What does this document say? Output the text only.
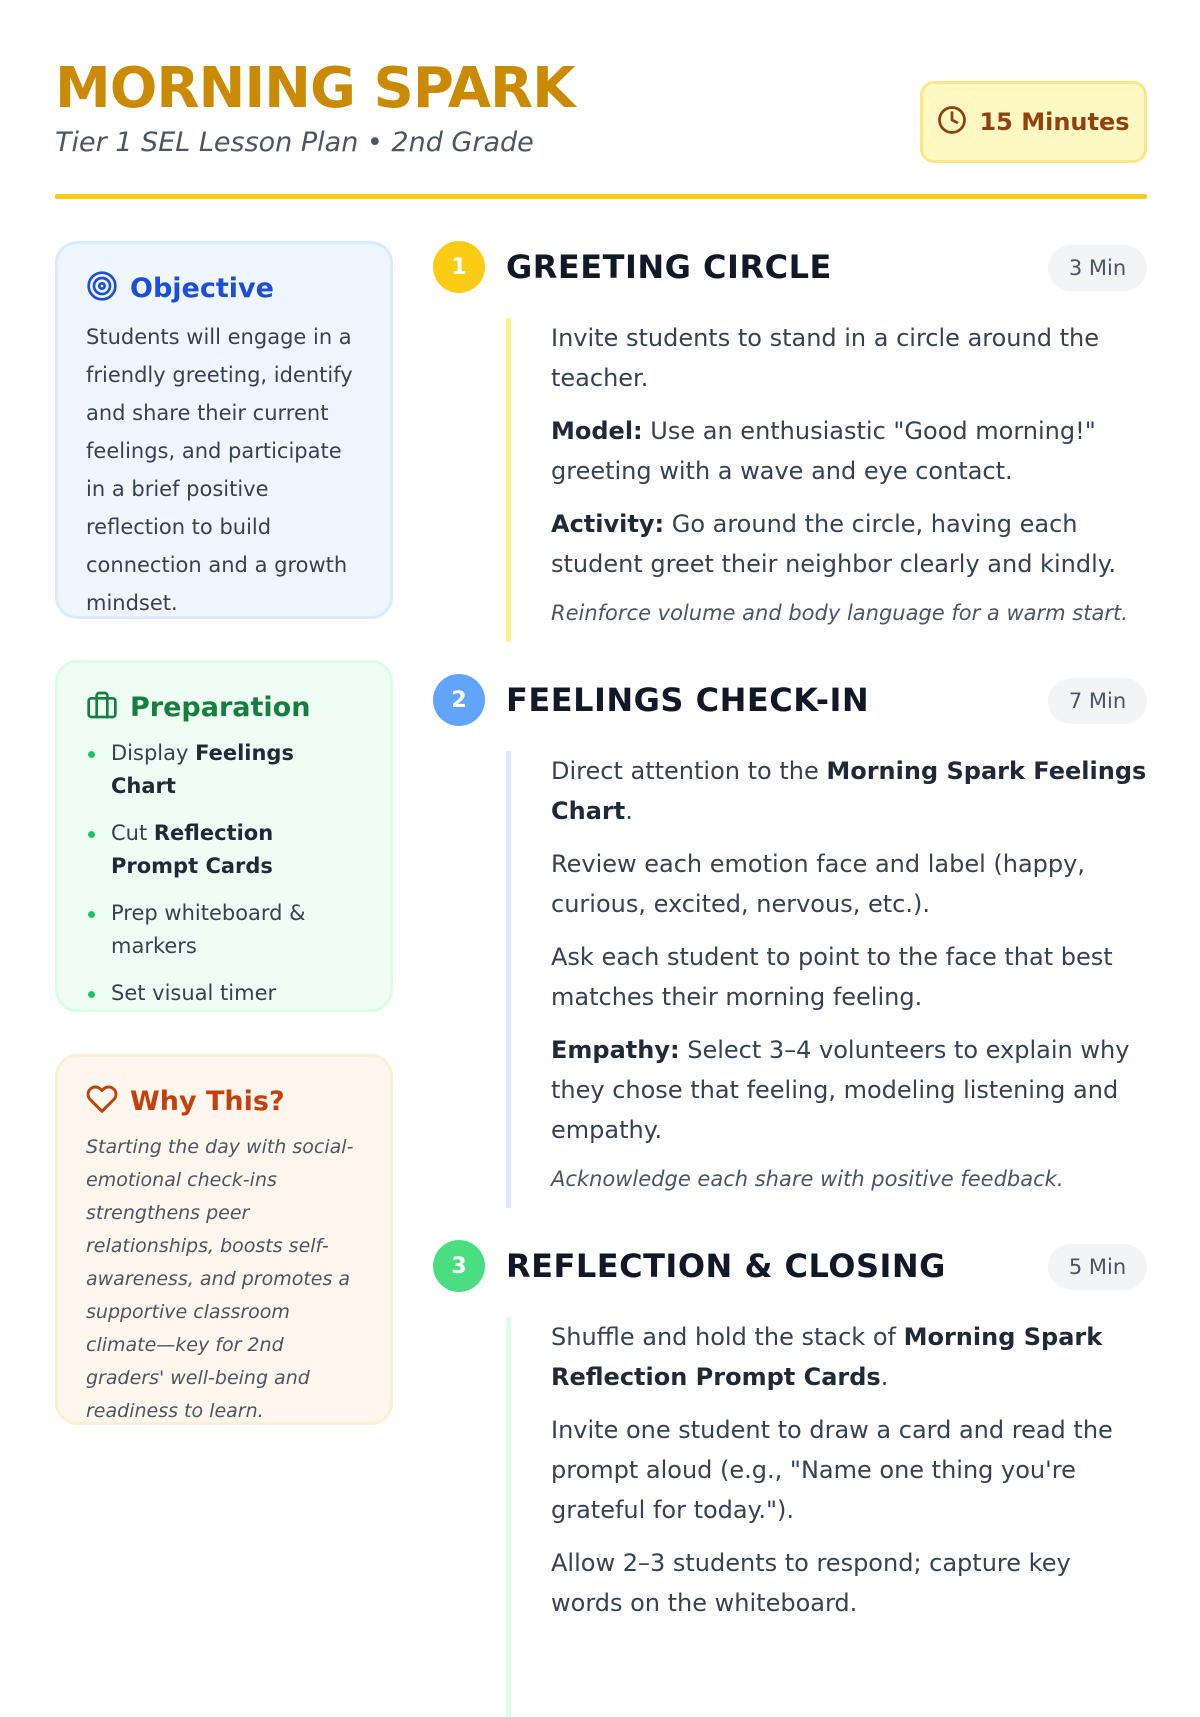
MORNING SPARK
Tier 1 SEL Lesson Plan • 2nd Grade
15 Minutes
Objective
Students will engage in a friendly greeting, identify and share their current feelings, and participate in a brief positive reflection to build connection and a growth mindset.
Preparation
Display Feelings Chart
Cut Reflection Prompt Cards
Prep whiteboard & markers
Set visual timer
Why This?
Starting the day with social-emotional check-ins strengthens peer relationships, boosts self-awareness, and promotes a supportive classroom climate—key for 2nd graders' well-being and readiness to learn.
1	GREETING CIRCLE	3 Min

Invite students to stand in a circle around the teacher.

Model: Use an enthusiastic "Good morning!" greeting with a wave and eye contact.

Activity: Go around the circle, having each student greet their neighbor clearly and kindly.

Reinforce volume and body language for a warm start.

2	FEELINGS CHECK-IN	7 Min

Direct attention to the Morning Spark Feelings Chart.

Review each emotion face and label (happy, curious, excited, nervous, etc.).

Ask each student to point to the face that best matches their morning feeling.

Empathy: Select 3–4 volunteers to explain why they chose that feeling, modeling listening and empathy.

Acknowledge each share with positive feedback.

3	REFLECTION & CLOSING	5 Min

Shuffle and hold the stack of Morning Spark Reflection Prompt Cards.

Invite one student to draw a card and read the prompt aloud (e.g., "Name one thing you're grateful for today.").

Allow 2–3 students to respond; capture key words on the whiteboard.
